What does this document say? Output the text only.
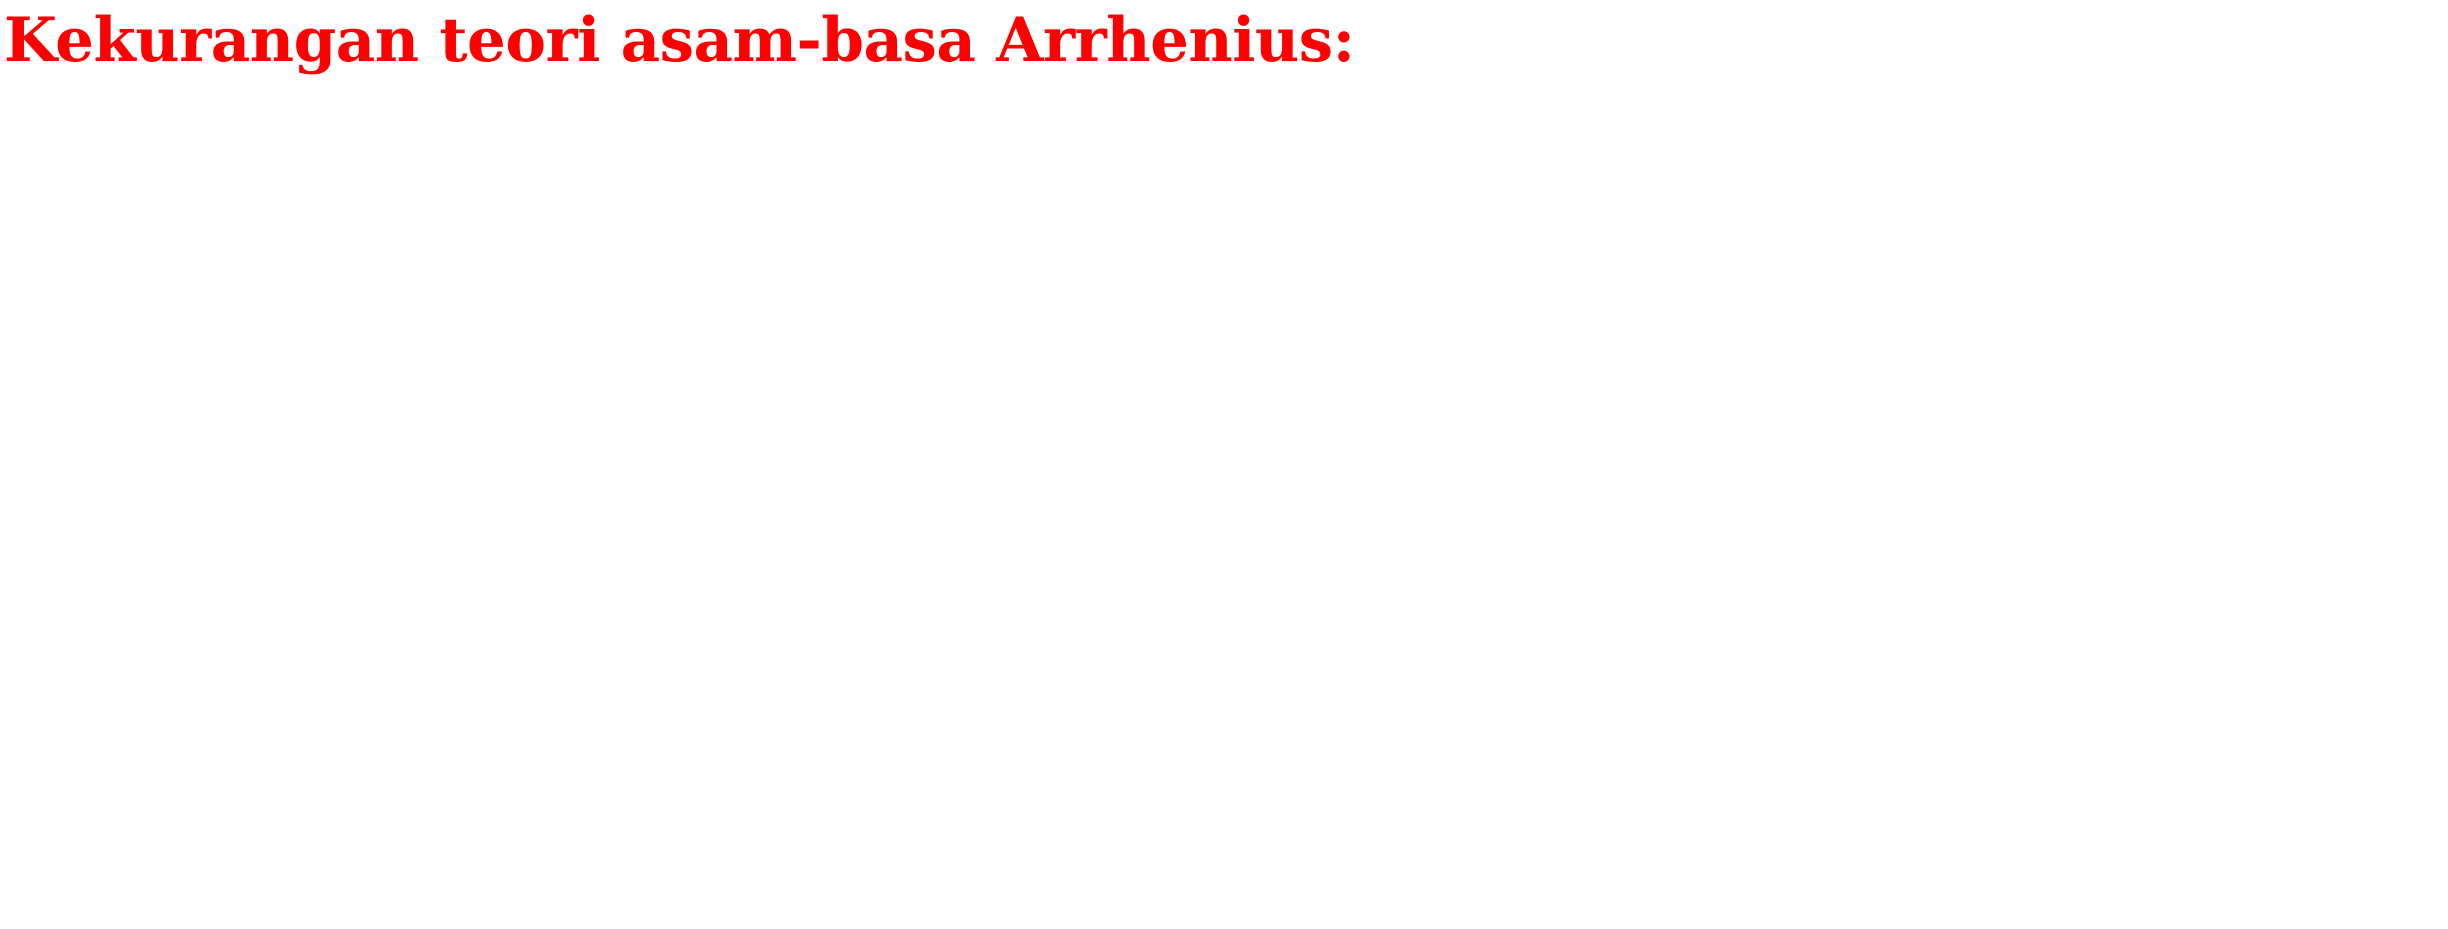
Kekurangan teori asam-basa Arrhenius:
